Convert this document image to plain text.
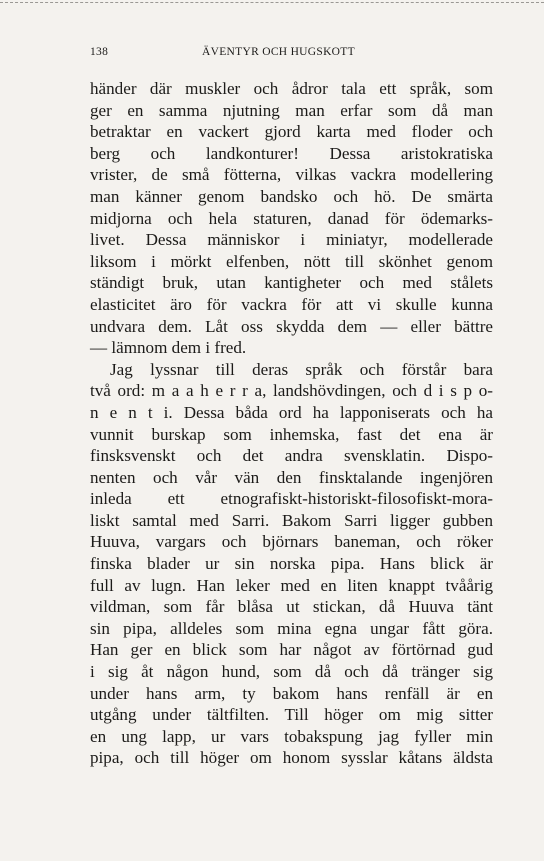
138	ÄVENTYR OCH HUGSKOTT
händer där muskler och ådror tala ett språk, som
ger en samma njutning man erfar som då man
betraktar en vackert gjord karta med floder och
berg och landkonturer! Dessa aristokratiska
vrister, de små fötterna, vilkas vackra modellering
man känner genom bandsko och hö. De smärta
midjorna och hela staturen, danad för ödemarks-
livet. Dessa människor i miniatyr, modellerade
liksom i mörkt elfenben, nött till skönhet genom
ständigt bruk, utan kantigheter och med stålets
elasticitet äro för vackra för att vi skulle kunna
undvara dem. Låt oss skydda dem — eller bättre
— lämnom dem i fred.
Jag lyssnar till deras språk och förstår bara
två ord: m a a h e r r a, landshövdingen, och d i s p o-
n e n t i. Dessa båda ord ha lapponiserats och ha
vunnit burskap som inhemska, fast det ena är
finsksvenskt och det andra svensklatin. Dispo-
nenten och vår vän den finsktalande ingenjören
inleda ett etnografiskt-historiskt-filosofiskt-mora-
liskt samtal med Sarri. Bakom Sarri ligger gubben
Huuva, vargars och björnars baneman, och röker
finska blader ur sin norska pipa. Hans blick är
full av lugn. Han leker med en liten knappt tvåårig
vildman, som får blåsa ut stickan, då Huuva tänt
sin pipa, alldeles som mina egna ungar fått göra.
Han ger en blick som har något av förtörnad gud
i sig åt någon hund, som då och då tränger sig
under hans arm, ty bakom hans renfäll är en
utgång under tältfilten. Till höger om mig sitter
en ung lapp, ur vars tobakspung jag fyller min
pipa, och till höger om honom sysslar kåtans äldsta
